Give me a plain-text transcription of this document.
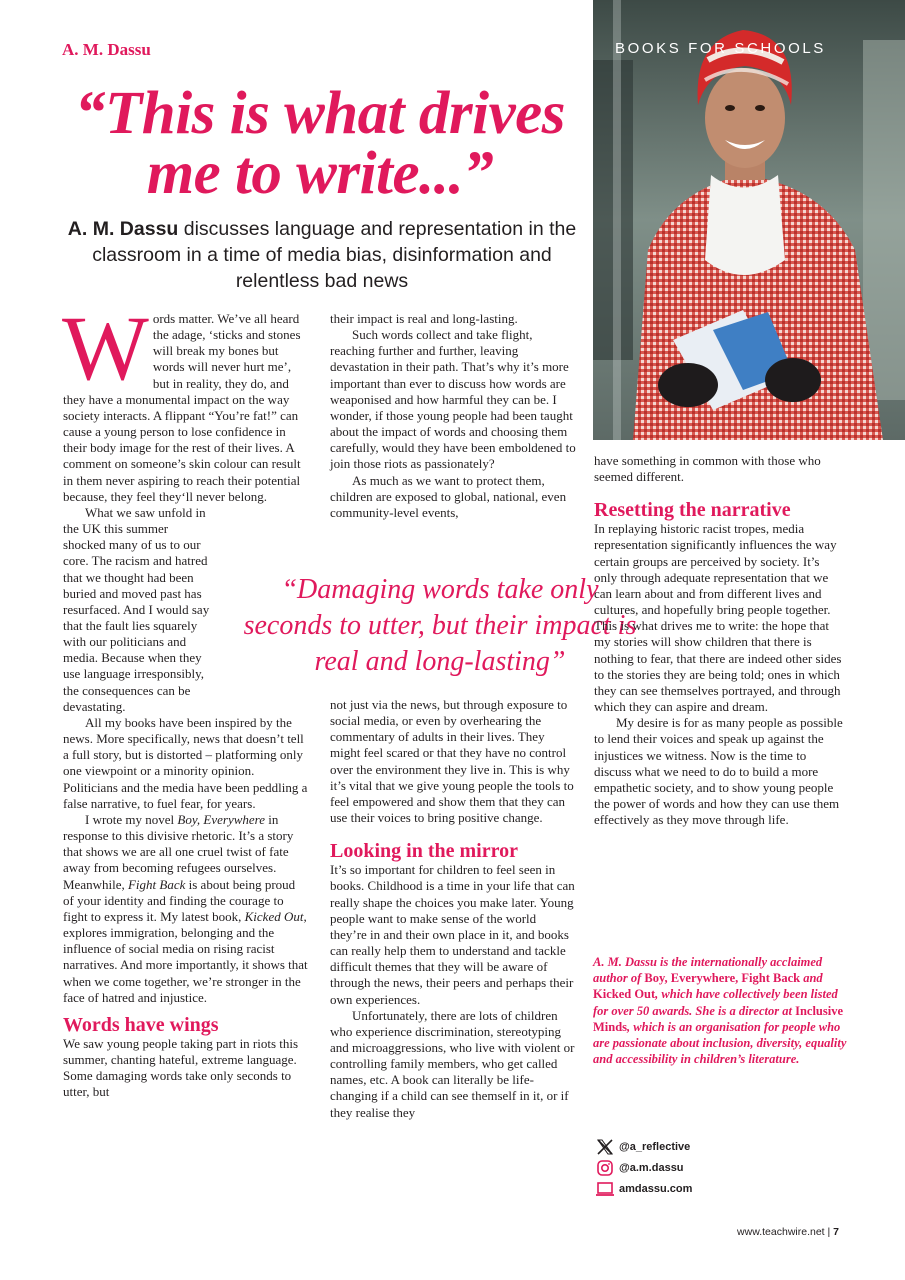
BOOKS FOR SCHOOLS
A. M. Dassu
“This is what drives me to write...”
A. M. Dassu discusses language and representation in the classroom in a time of media bias, disinformation and relentless bad news
W ords matter. We’ve all heard the adage, ‘sticks and stones will break my bones but words will never hurt me’, but in reality, they do, and they have a monumental impact on the way society interacts. A flippant “You’re fat!” can cause a young person to lose confidence in their body image for the rest of their lives. A comment on someone’s skin colour can result in them never aspiring to reach their potential because, they feel they‘ll never belong.

What we saw unfold in the UK this summer shocked many of us to our core. The racism and hatred that we thought had been buried and moved past has resurfaced. And I would say that the fault lies squarely with our politicians and media. Because when they use language irresponsibly, the consequences can be devastating.

All my books have been inspired by the news. More specifically, news that doesn’t tell a full story, but is distorted – platforming only one viewpoint or a minority opinion. Politicians and the media have been peddling a false narrative, to fuel fear, for years.

I wrote my novel Boy, Everywhere in response to this divisive rhetoric. It’s a story that shows we are all one cruel twist of fate away from becoming refugees ourselves. Meanwhile, Fight Back is about being proud of your identity and finding the courage to fight to express it. My latest book, Kicked Out, explores immigration, belonging and the influence of social media on rising racist narratives. And more importantly, it shows that when we come together, we’re stronger in the face of hatred and injustice.

Words have wings

We saw young people taking part in riots this summer, chanting hateful, extreme language. Some damaging words take only seconds to utter, but

their impact is real and long-lasting.

Such words collect and take flight, reaching further and further, leaving devastation in their path. That’s why it’s more important than ever to discuss how words are weaponised and how harmful they can be. I wonder, if those young people had been taught about the impact of words and choosing them carefully, would they have been emboldened to join those riots as passionately?

As much as we want to protect them, children are exposed to global, national, even community-level events,

“Damaging words take only seconds to utter, but their impact is real and long-lasting”

not just via the news, but through exposure to social media, or even by overhearing the commentary of adults in their lives. They might feel scared or that they have no control over the environment they live in. This is why it’s vital that we give young people the tools to feel empowered and show them that they can use their voices to bring positive change.

Looking in the mirror

It’s so important for children to feel seen in books. Childhood is a time in your life that can really shape the choices you make later. Young people want to make sense of the world they’re in and their own place in it, and books can really help them to understand and tackle difficult themes that they will be aware of through the news, their peers and perhaps their own experiences.

Unfortunately, there are lots of children who experience discrimination, stereotyping and microaggressions, who live with violent or controlling family members, who get called names, etc. A book can literally be life-changing if a child can see themself in it, or if they realise they

have something in common with those who seemed different.

Resetting the narrative

In replaying historic racist tropes, media representation significantly influences the way certain groups are perceived by society. It’s only through adequate representation that we can learn about and from different lives and cultures, and hopefully bring people together. This is what drives me to write: the hope that my stories will show children that there is nothing to fear, that there are indeed other sides to the stories they are being told; ones in which they can see themselves portrayed, and through which they can aspire and dream.

My desire is for as many people as possible to lend their voices and speak up against the injustices we witness. Now is the time to discuss what we need to do to build a more empathetic society, and to show young people the power of words and how they can use them effectively as they move through life.

A. M. Dassu is the internationally acclaimed author of Boy, Everywhere, Fight Back and Kicked Out, which have collectively been listed for over 50 awards. She is a director at Inclusive Minds, which is an organisation for people who are passionate about inclusion, diversity, equality and accessibility in children’s literature.
@a_reflective
@a.m.dassu
amdassu.com
www.teachwire.net | 7
